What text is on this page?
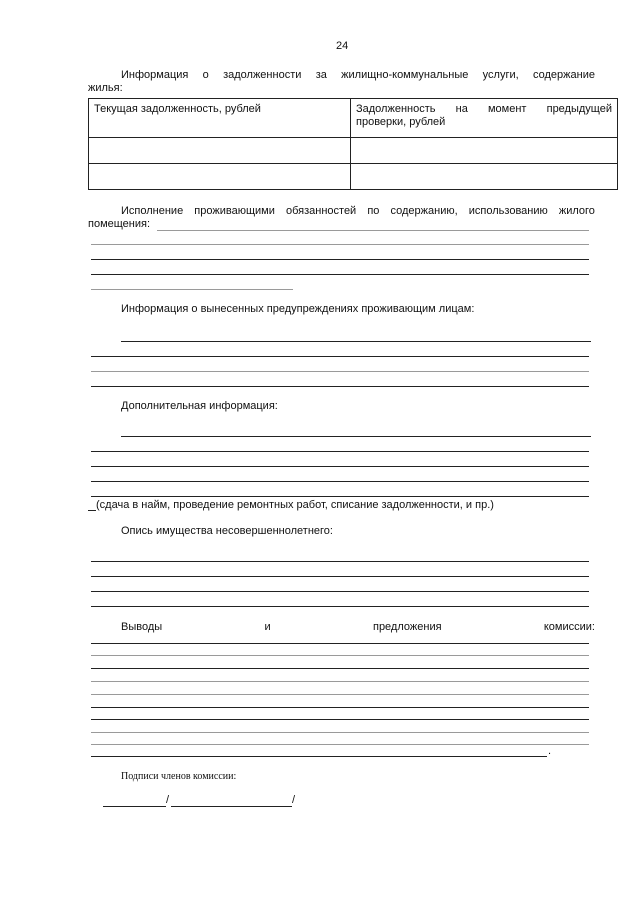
24
Информация о задолженности за жилищно-коммунальные услуги, содержание
жилья:
Текущая задолженность, рублей	Задолженность на момент предыдущей
проверки, рублей

Исполнение проживающими обязанностей по содержанию, использованию жилого
помещения:
Информация о вынесенных предупреждениях проживающим лицам:
Дополнительная информация:
(сдача в найм, проведение ремонтных работ, списание задолженности, и пр.)
Опись имущества несовершеннолетнего:
Выводы	и	предложения	комиссии:
.
Подписи членов комиссии:
/	/
